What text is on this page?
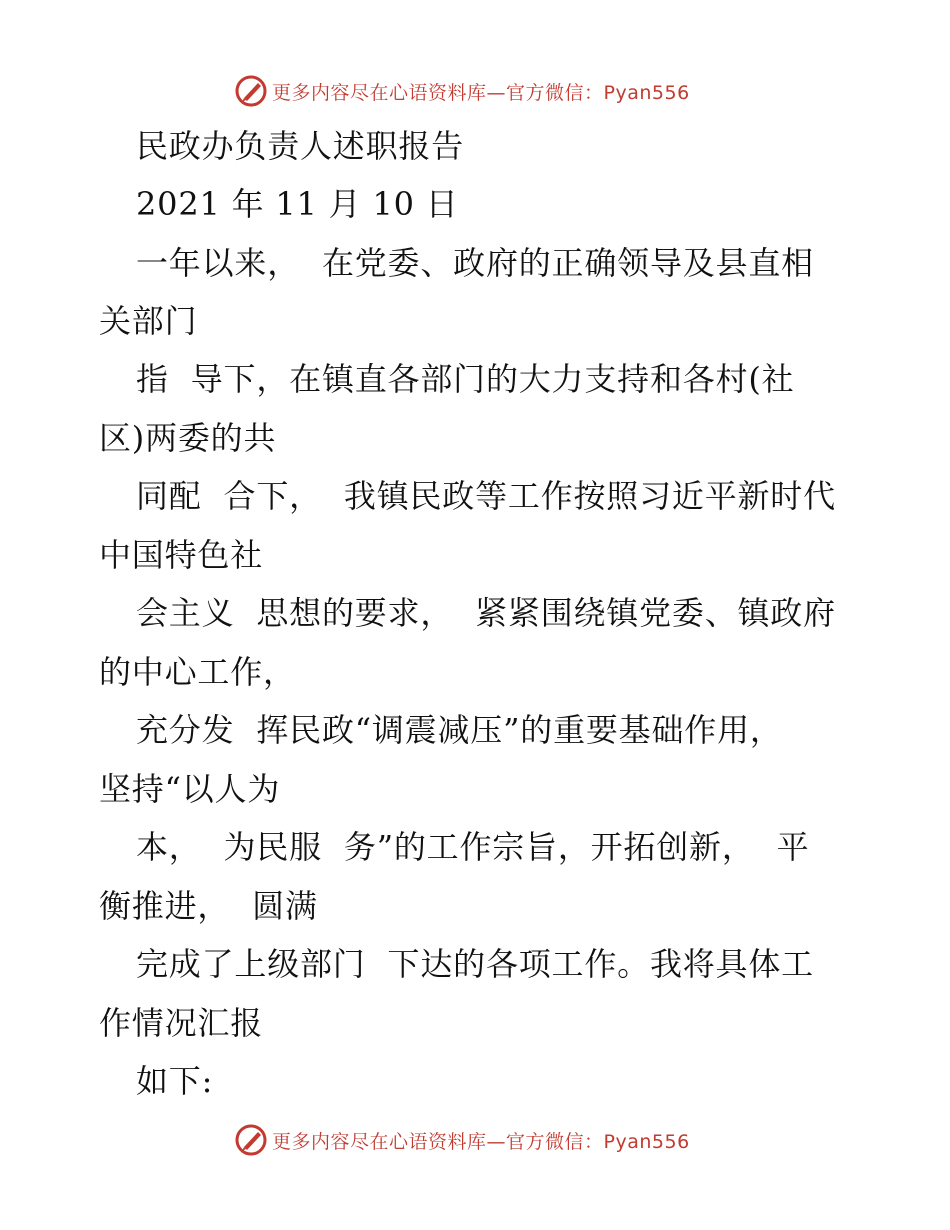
更多内容尽在心语资料库—官方微信：Pyan556
民政办负责人述职报告
2021 年 11 月 10 日
一年以来，  在党委、政府的正确领导及县直相
关部门
指  导下，在镇直各部门的大力支持和各村(社
区)两委的共
同配  合下，  我镇民政等工作按照习近平新时代
中国特色社
会主义  思想的要求，  紧紧围绕镇党委、镇政府
的中心工作，
充分发  挥民政“调震减压”的重要基础作用，
坚持“以人为
本，  为民服  务”的工作宗旨，开拓创新，  平
衡推进，  圆满
完成了上级部门  下达的各项工作。我将具体工
作情况汇报
如下:
更多内容尽在心语资料库—官方微信：Pyan556
